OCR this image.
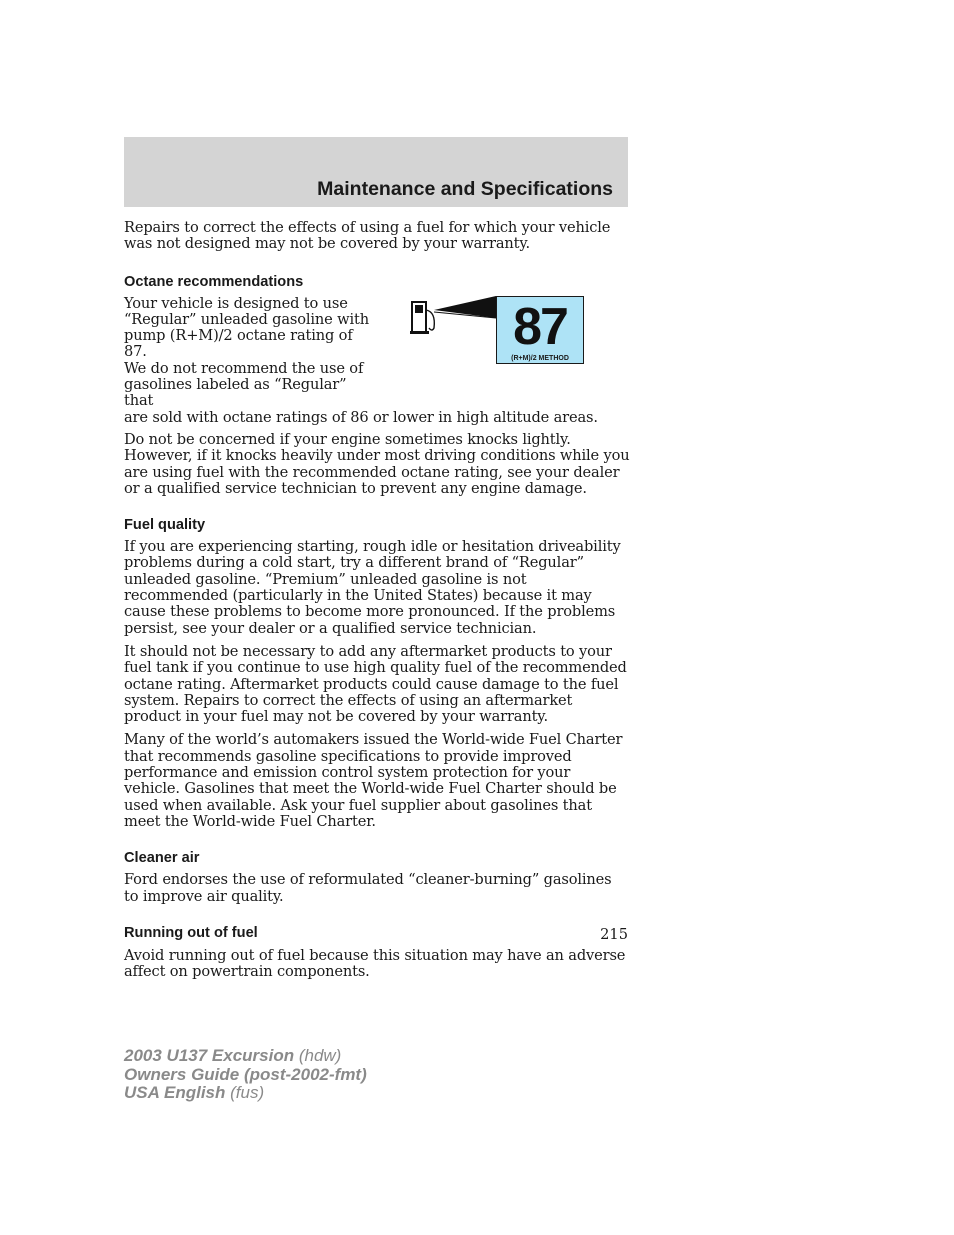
Maintenance and Specifications

Repairs to correct the effects of using a fuel for which your vehicle was not designed may not be covered by your warranty.

Octane recommendations

Your vehicle is designed to use

“Regular” unleaded gasoline with

pump (R+M)/2 octane rating of 87.

We do not recommend the use of

gasolines labeled as “Regular” that

are sold with octane ratings of 86 or lower in high altitude areas.

87
(R+M)/2 METHOD

Do not be concerned if your engine sometimes knocks lightly. However, if it knocks heavily under most driving conditions while you are using fuel with the recommended octane rating, see your dealer or a qualified service technician to prevent any engine damage.

Fuel quality

If you are experiencing starting, rough idle or hesitation driveability problems during a cold start, try a different brand of “Regular” unleaded gasoline. “Premium” unleaded gasoline is not recommended (particularly in the United States) because it may cause these problems to become more pronounced. If the problems persist, see your dealer or a qualified service technician.

It should not be necessary to add any aftermarket products to your fuel tank if you continue to use high quality fuel of the recommended octane rating. Aftermarket products could cause damage to the fuel system. Repairs to correct the effects of using an aftermarket product in your fuel may not be covered by your warranty.

Many of the world’s automakers issued the World-wide Fuel Charter that recommends gasoline specifications to provide improved performance and emission control system protection for your vehicle. Gasolines that meet the World-wide Fuel Charter should be used when available. Ask your fuel supplier about gasolines that meet the World-wide Fuel Charter.

Cleaner air

Ford endorses the use of reformulated “cleaner-burning” gasolines to improve air quality.

Running out of fuel

Avoid running out of fuel because this situation may have an adverse affect on powertrain components.

215

2003 U137 Excursion (hdw)
Owners Guide (post-2002-fmt)
USA English (fus)
